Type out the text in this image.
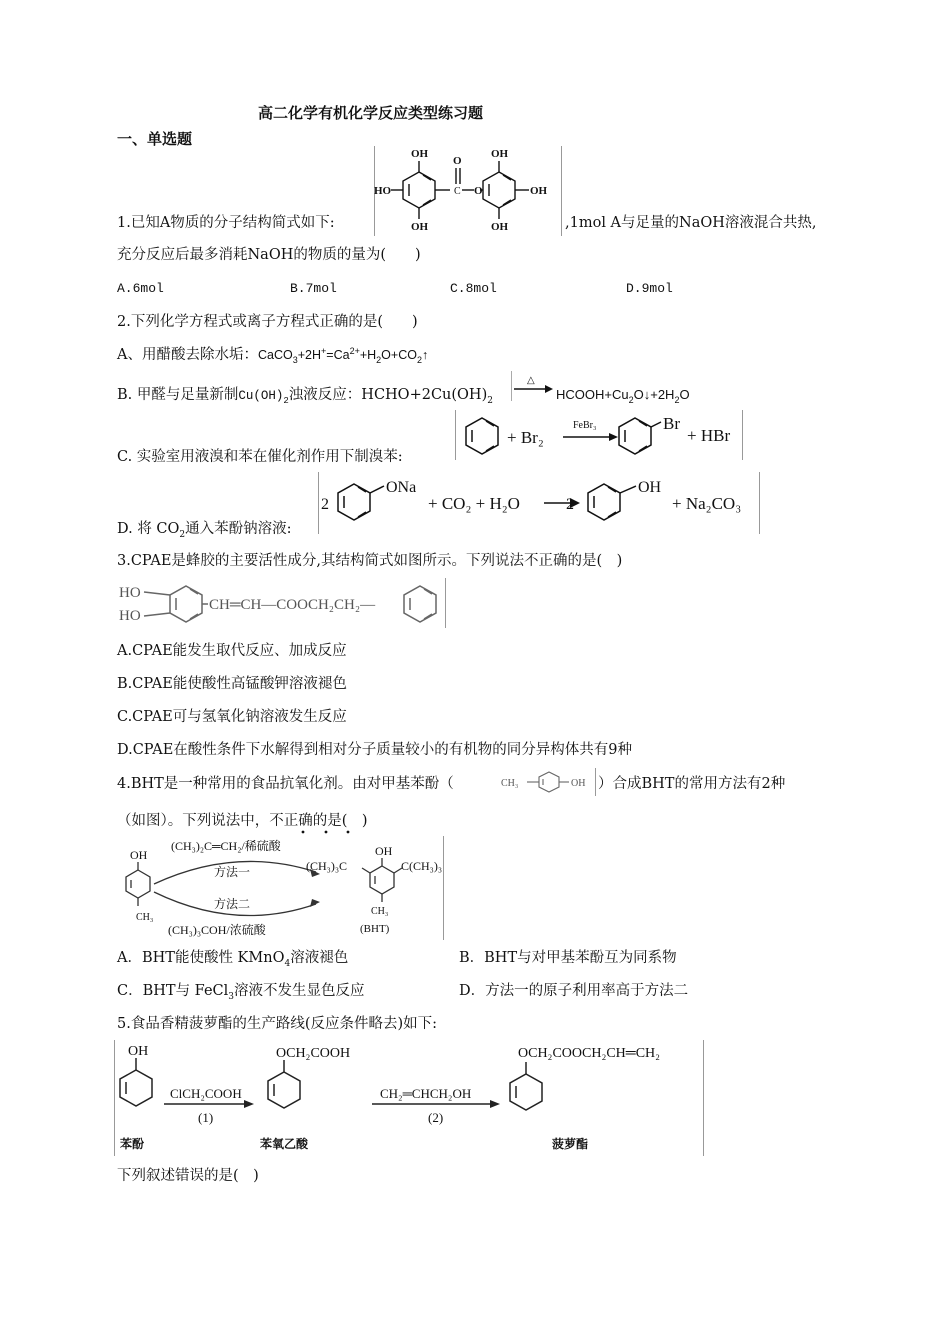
高二化学有机化学反应类型练习题
一、单选题
OH
HO
OH
O
C O
OH
OH
OH
1.已知A物质的分子结构简式如下:	,1mol A与足量的NaOH溶液混合共热,
充分反应后最多消耗NaOH的物质的量为(　　)
A.6mol	B.7mol	C.8mol	D.9mol
2.下列化学方程式或离子方程式正确的是(　　)
A、用醋酸去除水垢：$CaCO_3+2H^+=Ca^{2+}+H_2O+CO_2↑$
B. 甲醛与足量新制$Cu(OH)_2$浊液反应：$HCHO+2Cu(OH)_2$
△
$HCOOH+Cu_2O↓+2H_2O$
C. 实验室用液溴和苯在催化剂作用下制溴苯:
+ Br₂
FeBr₃	Br
+ HBr
D. 将 $CO_2$通入苯酚钠溶液:
2
ONa
+ CO₂ + H₂O	2
OH
+ Na₂CO₃
3.CPAE是蜂胶的主要活性成分,其结构简式如图所示。下列说法不正确的是(　)
HO
HO
CH═CH—COOCH₂CH₂—
A.CPAE能发生取代反应、加成反应
B.CPAE能使酸性高锰酸钾溶液褪色
C.CPAE可与氢氧化钠溶液发生反应
D.CPAE在酸性条件下水解得到相对分子质量较小的有机物的同分异构体共有9种
4.BHT是一种常用的食品抗氧化剂。由对甲基苯酚（	CH₃	OH ）合成BHT的常用方法有2种
（如图）。下列说法中，不正确的是(　)
OH
CH₃
(CH₃)₂C═CH₂/稀硫酸
方法一
方法二
(CH₃)₃COH/浓硫酸
(CH₃)₃C
OH
C(CH₃)₃
CH₃
(BHT)
A．BHT能使酸性 KMnO$_4$溶液褪色	B．BHT与对甲基苯酚互为同系物
C．BHT与 FeCl$_3$溶液不发生显色反应	D．方法一的原子利用率高于方法二
5.食品香精菠萝酯的生产路线(反应条件略去)如下:
OH
ClCH₂COOH
(1)
OCH₂COOH
CH₂═CHCH₂OH
(2)
OCH₂COOCH₂CH═CH₂
苯酚	苯氧乙酸	菠萝酯
下列叙述错误的是(　)
